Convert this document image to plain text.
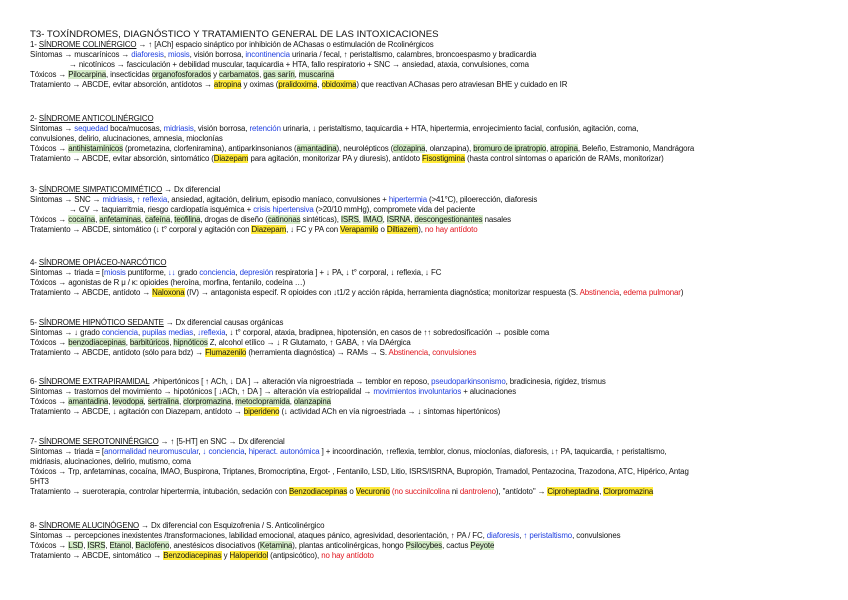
T3- TOXÍNDROMES, DIAGNÓSTICO Y TRATAMIENTO GENERAL DE LAS INTOXICACIONES
1- SÍNDROME COLINÉRGICO → ↑ [ACh] espacio sináptico por inhibición de AChasas o estimulación de Rcolinérgicos
Síntomas → muscarínicos → diaforesis, miosis, visión borrosa, incontinencia urinaria / fecal, ↑ peristaltismo, calambres, broncoespasmo y bradicardia
→ nicotínicos → fasciculación + debilidad muscular, taquicardia + HTA, fallo respiratorio + SNC → ansiedad, ataxia, convulsiones, coma
Tóxicos → Pilocarpina, insecticidas organofosforados y carbamatos, gas sarín, muscarina
Tratamiento → ABCDE, evitar absorción, antídotos → atropina y oximas (pralidoxima, obidoxima) que reactivan AChasas pero atraviesan BHE y cuidado en IR
2- SÍNDROME ANTICOLINÉRGICO
Síntomas → sequedad boca/mucosas, midriasis, visión borrosa, retención urinaria, ↓ peristaltismo, taquicardia + HTA, hipertermia, enrojecimiento facial, confusión, agitación, coma,
convulsiones, delirio, alucinaciones, amnesia, mioclonías
Tóxicos → antihistamínicos (prometazina, clorfeniramina), antiparkinsonianos (amantadina), neurolépticos (clozapina, olanzapina), bromuro de ipratropio, atropina, Beleño, Estramonio, Mandrágora
Tratamiento → ABCDE, evitar absorción, sintomático (Diazepam para agitación, monitorizar PA y diuresis), antídoto Fisostigmina (hasta control síntomas o aparición de RAMs, monitorizar)
3- SÍNDROME SIMPATICOMIMÉTICO → Dx diferencial
Síntomas → SNC → midriasis, ↑ reflexia, ansiedad, agitación, delirium, episodio maníaco, convulsiones + hipertermia (>41°C), piloerección, diaforesis
→ CV → taquiarritmia, riesgo cardiopatía isquémica + crisis hipertensiva (>20/10 mmHg), compromete vida del paciente
Tóxicos → cocaína, anfetaminas, cafeína, teofilina, drogas de diseño (catinonas sintéticas), ISRS, IMAO, ISRNA, descongestionantes nasales
Tratamiento → ABCDE, sintomático (↓ t° corporal y agitación con Diazepam, ↓ FC y PA con Verapamilo o Diltiazem), no hay antídoto
4- SÍNDROME OPIÁCEO-NARCÓTICO
Síntomas → triada = [miosis puntiforme, ↓↓ grado conciencia, depresión respiratoria ] + ↓ PA, ↓ t° corporal, ↓ reflexia, ↓ FC
Tóxicos → agonistas de R μ / κ: opioides (heroína, morfina, fentanilo, codeína …)
Tratamiento → ABCDE, antídoto → Naloxona (IV) → antagonista especif. R opioides con ↓t1/2 y acción rápida, herramienta diagnóstica; monitorizar respuesta (S. Abstinencia, edema pulmonar)
5- SÍNDROME HIPNÓTICO SEDANTE → Dx diferencial causas orgánicas
Síntomas → ↓ grado conciencia, pupilas medias, ↓reflexia, ↓ t° corporal, ataxia, bradipnea, hipotensión, en casos de ↑↑ sobredosificación → posible coma
Tóxicos → benzodiacepinas, barbitúricos, hipnóticos Z, alcohol etílico → ↓ R Glutamato, ↑ GABA, ↑ vía DAérgica
Tratamiento → ABCDE, antídoto (sólo para bdz) → Flumazenilo (herramienta diagnóstica) → RAMs → S. Abstinencia, convulsiones
6- SÍNDROME EXTRAPIRAMIDAL ↗hipertónicos [ ↑ ACh, ↓ DA ] → alteración vía nigroestriada → temblor en reposo, pseudoparkinsonismo, bradicinesia, rigidez, trismus
Síntomas → trastornos del movimiento → hipotónicos [ ↓ACh, ↑ DA ] → alteración vía estriopalidal → movimientos involuntarios + alucinaciones
Tóxicos → amantadina, levodopa, sertralina, clorpromazina, metoclopramida, olanzapina
Tratamiento → ABCDE, ↓ agitación con Diazepam, antídoto → biperideno (↓ actividad ACh en vía nigroestriada → ↓ síntomas hipertónicos)
7- SÍNDROME SEROTONINÉRGICO → ↑ [5-HT] en SNC → Dx diferencial
Síntomas → triada = [anormalidad neuromuscular, ↓ conciencia, hiperact. autonómica ] + incoordinación, ↑reflexia, temblor, clonus, mioclonías, diaforesis, ↓↑ PA, taquicardia, ↑ peristaltismo,
midriasis, alucinaciones, delirio, mutismo, coma
Tóxicos → Trp, anfetaminas, cocaína, IMAO, Buspirona, Triptanes, Bromocriptina, Ergot- , Fentanilo, LSD, Litio, ISRS/ISRNA, Bupropión, Tramadol, Pentazocina, Trazodona, ATC, Hipérico, Antag
5HT3
Tratamiento → sueroterapia, controlar hipertermia, intubación, sedación con Benzodiacepinas o Vecuronio (no succinilcolina ni dantroleno), "antídoto" → Ciproheptadina, Clorpromazina
8- SÍNDROME ALUCINÓGENO → Dx diferencial con Esquizofrenia / S. Anticolinérgico
Síntomas → percepciones inexistentes /transformaciones, labilidad emocional, ataques pánico, agresividad, desorientación, ↑ PA / FC, diaforesis, ↑ peristaltismo, convulsiones
Tóxicos → LSD, ISRS, Etanol, Baclofeno, anestésicos disociativos (Ketamina), plantas anticolinérgicas, hongo Psilocybes, cactus Peyote
Tratamiento → ABCDE, sintomático → Benzodiacepinas y Haloperidol (antipsicótico), no hay antídoto
